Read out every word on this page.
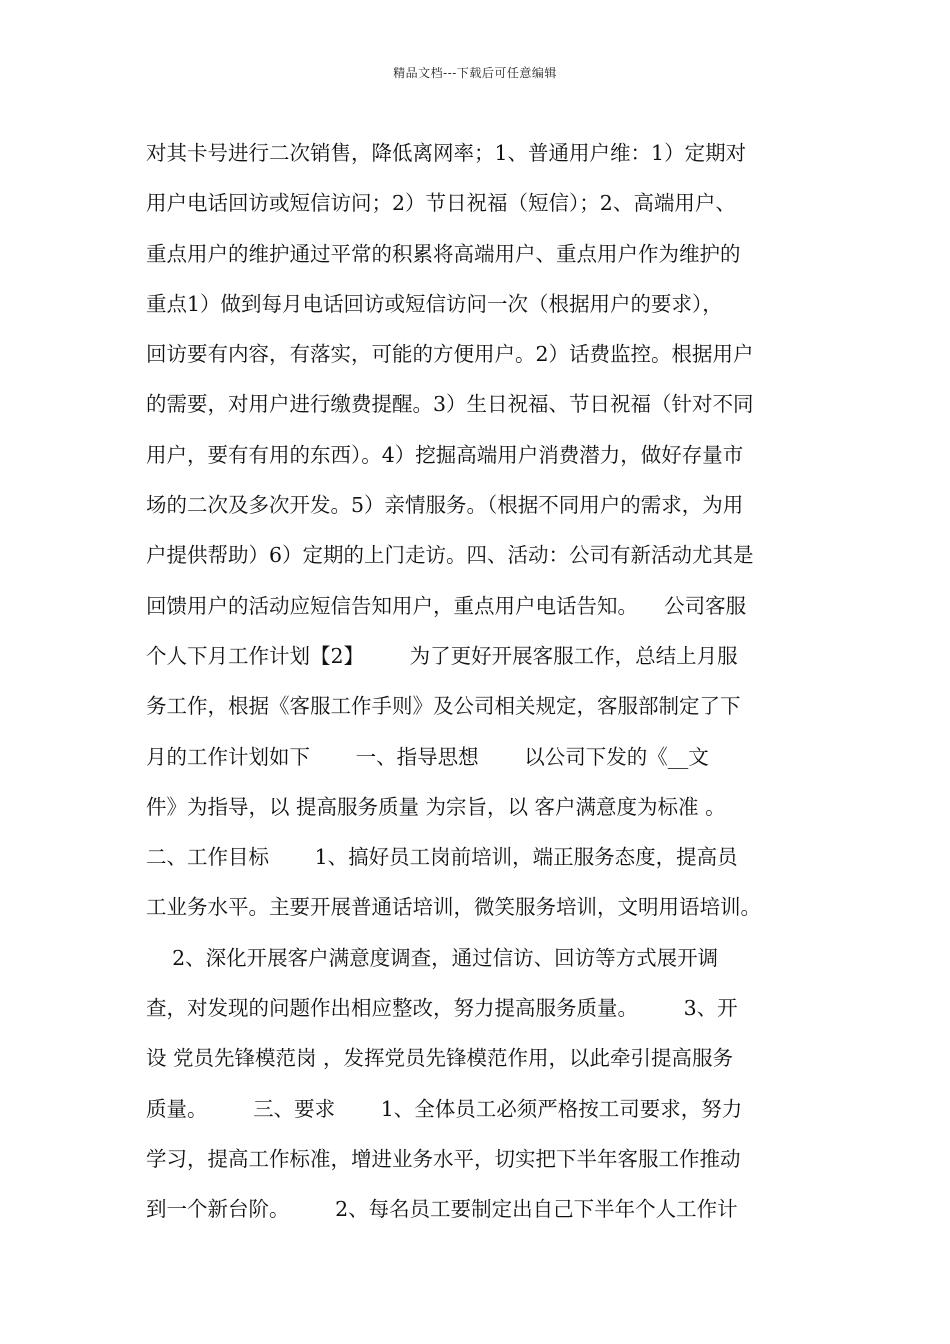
精品文档---下载后可任意编辑
对其卡号进行二次销售，降低离网率；1、普通用户维：1）定期对
用户电话回访或短信访问；2）节日祝福（短信）；2、高端用户、
重点用户的维护通过平常的积累将高端用户、重点用户作为维护的
重点1）做到每月电话回访或短信访问一次（根据用户的要求），
回访要有内容，有落实，可能的方便用户。2）话费监控。根据用户
的需要，对用户进行缴费提醒。3）生日祝福、节日祝福（针对不同
用户，要有有用的东西）。4）挖掘高端用户消费潜力，做好存量市
场的二次及多次开发。5）亲情服务。（根据不同用户的需求，为用
户提供帮助）6）定期的上门走访。四、活动：公司有新活动尤其是
回馈用户的活动应短信告知用户，重点用户电话告知。    公司客服
个人下月工作计划【2】       为了更好开展客服工作，总结上月服
务工作，根据《客服工作手则》及公司相关规定，客服部制定了下
月的工作计划如下       一、指导思想       以公司下发的《__文
件》为指导，以 提高服务质量 为宗旨，以 客户满意度为标准 。
二、工作目标       1、搞好员工岗前培训，端正服务态度，提高员
工业务水平。主要开展普通话培训，微笑服务培训，文明用语培训。
2、深化开展客户满意度调查，通过信访、回访等方式展开调
查，对发现的问题作出相应整改，努力提高服务质量。       3、开
设 党员先锋模范岗 ，发挥党员先锋模范作用，以此牵引提高服务
质量。       三、要求       1、全体员工必须严格按工司要求，努力
学习，提高工作标准，增进业务水平，切实把下半年客服工作推动
到一个新台阶。       2、每名员工要制定出自己下半年个人工作计
